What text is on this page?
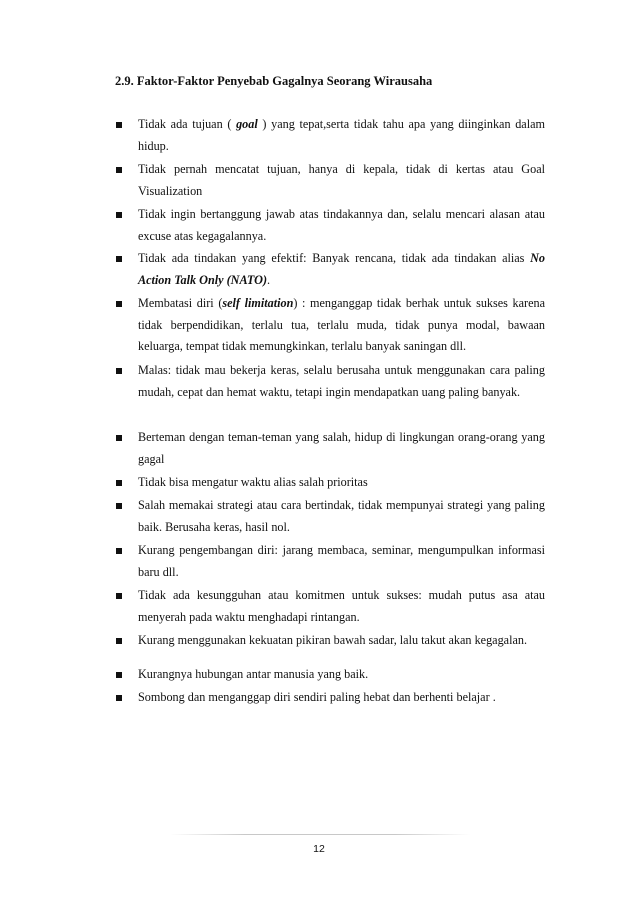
2.9. Faktor-Faktor Penyebab Gagalnya Seorang Wirausaha
Tidak ada tujuan ( goal ) yang tepat,serta tidak tahu apa yang diinginkan dalam hidup.
Tidak pernah mencatat tujuan, hanya di kepala, tidak di kertas atau Goal Visualization
Tidak ingin bertanggung jawab atas tindakannya dan, selalu mencari alasan atau excuse atas kegagalannya.
Tidak ada tindakan yang efektif: Banyak rencana, tidak ada tindakan alias No Action Talk Only (NATO).
Membatasi diri (self limitation) : menganggap tidak berhak untuk sukses karena tidak berpendidikan, terlalu tua, terlalu muda, tidak punya modal, bawaan keluarga, tempat tidak memungkinkan, terlalu banyak saningan dll.
Malas: tidak mau bekerja keras, selalu berusaha untuk menggunakan cara paling mudah, cepat dan hemat waktu, tetapi ingin mendapatkan uang paling banyak.
Berteman dengan teman-teman yang salah, hidup di lingkungan orang-orang yang gagal
Tidak bisa mengatur waktu alias salah prioritas
Salah memakai strategi atau cara bertindak, tidak mempunyai strategi yang paling baik. Berusaha keras, hasil nol.
Kurang pengembangan diri: jarang membaca, seminar, mengumpulkan informasi baru dll.
Tidak ada kesungguhan atau komitmen untuk sukses: mudah putus asa atau menyerah pada waktu menghadapi rintangan.
Kurang menggunakan kekuatan pikiran bawah sadar, lalu takut akan kegagalan.
Kurangnya hubungan antar manusia yang baik.
Sombong dan menganggap diri sendiri paling hebat dan berhenti belajar .
12
